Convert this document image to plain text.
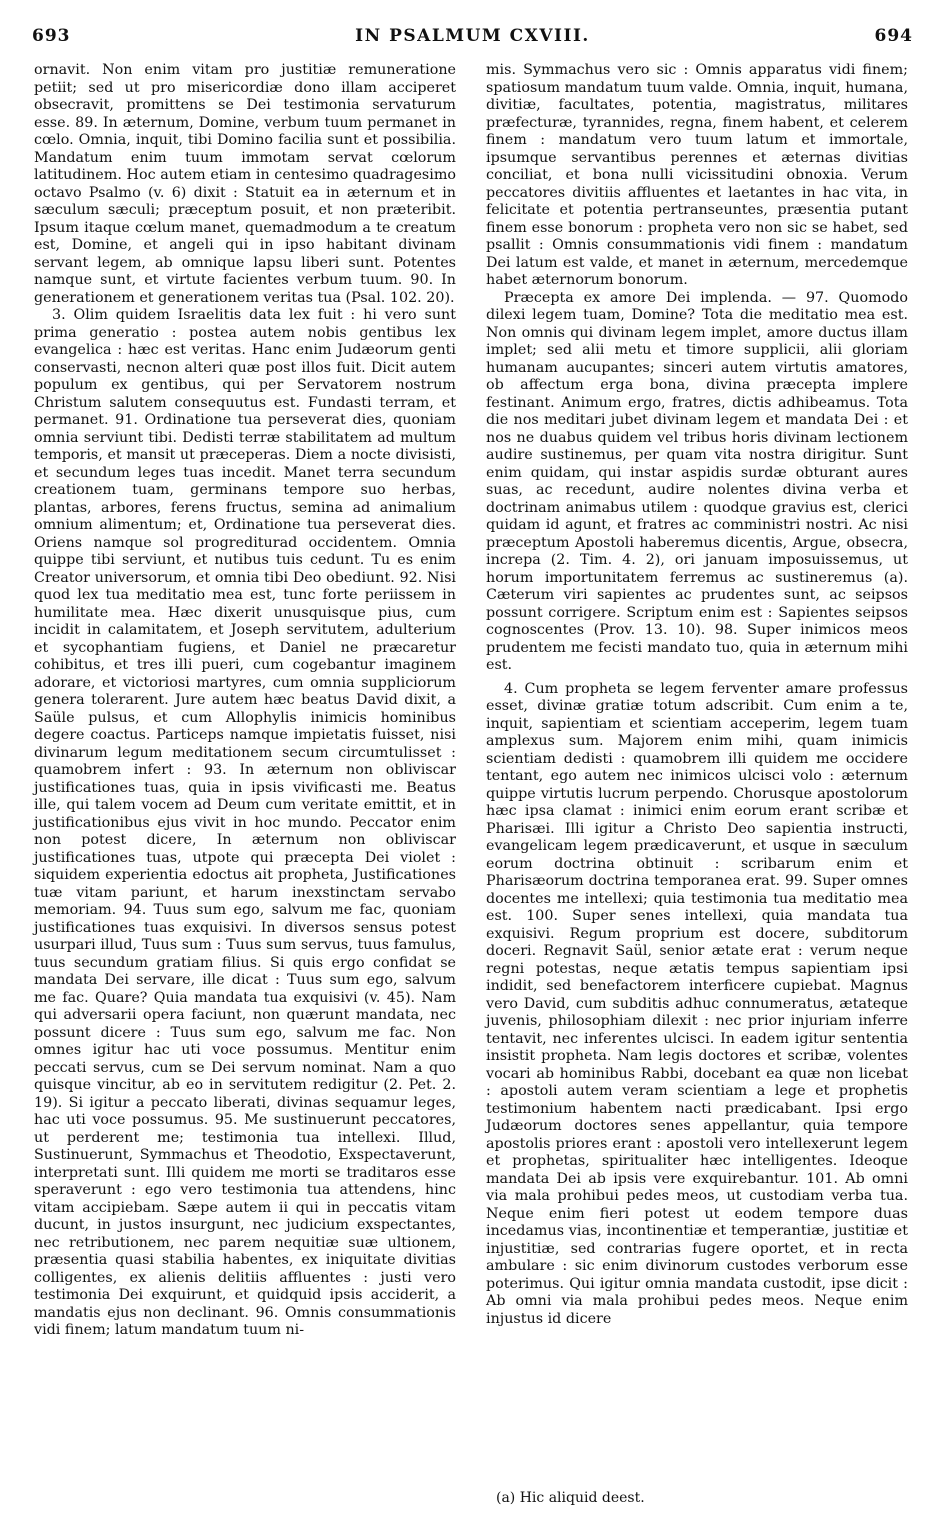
693	IN PSALMUM CXVIII.	694

ornavit. Non enim vitam pro justitiæ remuneratione petiit; sed ut pro misericordiæ dono illam acciperet obsecravit, promittens se Dei testimonia servaturum esse. 89. In æternum, Domine, verbum tuum permanet in cœlo. Omnia, inquit, tibi Domino facilia sunt et possibilia. Mandatum enim tuum immotam servat cœlorum latitudinem. Hoc autem etiam in centesimo quadragesimo octavo Psalmo (v. 6) dixit : Statuit ea in æternum et in sæculum sæculi; præceptum posuit, et non præteribit. Ipsum itaque cœlum manet, quemadmodum a te creatum est, Domine, et angeli qui in ipso habitant divinam servant legem, ab omnique lapsu liberi sunt. Potentes namque sunt, et virtute facientes verbum tuum. 90. In generationem et generationem veritas tua (Psal. 102. 20).

3. Olim quidem Israelitis data lex fuit : hi vero sunt prima generatio : postea autem nobis gentibus lex evangelica : hæc est veritas. Hanc enim Judæorum genti conservasti, necnon alteri quæ post illos fuit. Dicit autem populum ex gentibus, qui per Servatorem nostrum Christum salutem consequutus est. Fundasti terram, et permanet. 91. Ordinatione tua perseverat dies, quoniam omnia serviunt tibi. Dedisti terræ stabilitatem ad multum temporis, et mansit ut præceperas. Diem a nocte divisisti, et secundum leges tuas incedit. Manet terra secundum creationem tuam, germinans tempore suo herbas, plantas, arbores, ferens fructus, semina ad animalium omnium alimentum; et, Ordinatione tua perseverat dies. Oriens namque sol progrediturad occidentem. Omnia quippe tibi serviunt, et nutibus tuis cedunt. Tu es enim Creator universorum, et omnia tibi Deo obediunt. 92. Nisi quod lex tua meditatio mea est, tunc forte periissem in humilitate mea. Hæc dixerit unusquisque pius, cum incidit in calamitatem, et Joseph servitutem, adulterium et sycophantiam fugiens, et Daniel ne præcaretur cohibitus, et tres illi pueri, cum cogebantur imaginem adorare, et victoriosi martyres, cum omnia suppliciorum genera tolerarent. Jure autem hæc beatus David dixit, a Saüle pulsus, et cum Allophylis inimicis hominibus degere coactus. Particeps namque impietatis fuisset, nisi divinarum legum meditationem secum circumtulisset : quamobrem infert : 93. In æternum non obliviscar justificationes tuas, quia in ipsis vivificasti me. Beatus ille, qui talem vocem ad Deum cum veritate emittit, et in justificationibus ejus vivit in hoc mundo. Peccator enim non potest dicere, In æternum non obliviscar justificationes tuas, utpote qui præcepta Dei violet : siquidem experientia edoctus ait propheta, Justificationes tuæ vitam pariunt, et harum inexstinctam servabo memoriam. 94. Tuus sum ego, salvum me fac, quoniam justificationes tuas exquisivi. In diversos sensus potest usurpari illud, Tuus sum : Tuus sum servus, tuus famulus, tuus secundum gratiam filius. Si quis ergo confidat se mandata Dei servare, ille dicat : Tuus sum ego, salvum me fac. Quare? Quia mandata tua exquisivi (v. 45). Nam qui adversarii opera faciunt, non quærunt mandata, nec possunt dicere : Tuus sum ego, salvum me fac. Non omnes igitur hac uti voce possumus. Mentitur enim peccati servus, cum se Dei servum nominat. Nam a quo quisque vincitur, ab eo in servitutem redigitur (2. Pet. 2. 19). Si igitur a peccato liberati, divinas sequamur leges, hac uti voce possumus. 95. Me sustinuerunt peccatores, ut perderent me; testimonia tua intellexi. Illud, Sustinuerunt, Symmachus et Theodotio, Exspectaverunt, interpretati sunt. Illi quidem me morti se traditaros esse speraverunt : ego vero testimonia tua attendens, hinc vitam accipiebam. Sæpe autem ii qui in peccatis vitam ducunt, in justos insurgunt, nec judicium exspectantes, nec retributionem, nec parem nequitiæ suæ ultionem, præsentia quasi stabilia habentes, ex iniquitate divitias colligentes, ex alienis delitiis affluentes : justi vero testimonia Dei exquirunt, et quidquid ipsis acciderit, a mandatis ejus non declinant. 96. Omnis consummationis vidi finem; latum mandatum tuum ni-

mis. Symmachus vero sic : Omnis apparatus vidi finem; spatiosum mandatum tuum valde. Omnia, inquit, humana, divitiæ, facultates, potentia, magistratus, militares præfecturæ, tyrannides, regna, finem habent, et celerem finem : mandatum vero tuum latum et immortale, ipsumque servantibus perennes et æternas divitias conciliat, et bona nulli vicissitudini obnoxia. Verum peccatores divitiis affluentes et laetantes in hac vita, in felicitate et potentia pertranseuntes, præsentia putant finem esse bonorum : propheta vero non sic se habet, sed psallit : Omnis consummationis vidi finem : mandatum Dei latum est valde, et manet in æternum, mercedemque habet æternorum bonorum.

Præcepta ex amore Dei implenda. — 97. Quomodo dilexi legem tuam, Domine? Tota die meditatio mea est. Non omnis qui divinam legem implet, amore ductus illam implet; sed alii metu et timore supplicii, alii gloriam humanam aucupantes; sinceri autem virtutis amatores, ob affectum erga bona, divina præcepta implere festinant. Animum ergo, fratres, dictis adhibeamus. Tota die nos meditari jubet divinam legem et mandata Dei : et nos ne duabus quidem vel tribus horis divinam lectionem audire sustinemus, per quam vita nostra dirigitur. Sunt enim quidam, qui instar aspidis surdæ obturant aures suas, ac recedunt, audire nolentes divina verba et doctrinam animabus utilem : quodque gravius est, clerici quidam id agunt, et fratres ac comministri nostri. Ac nisi præceptum Apostoli haberemus dicentis, Argue, obsecra, increpa (2. Tim. 4. 2), ori januam imposuissemus, ut horum importunitatem ferremus ac sustineremus (a). Cæterum viri sapientes ac prudentes sunt, ac seipsos possunt corrigere. Scriptum enim est : Sapientes seipsos cognoscentes (Prov. 13. 10). 98. Super inimicos meos prudentem me fecisti mandato tuo, quia in æternum mihi est.

4. Cum propheta se legem ferventer amare professus esset, divinæ gratiæ totum adscribit. Cum enim a te, inquit, sapientiam et scientiam acceperim, legem tuam amplexus sum. Majorem enim mihi, quam inimicis scientiam dedisti : quamobrem illi quidem me occidere tentant, ego autem nec inimicos ulcisci volo : æternum quippe virtutis lucrum perpendo. Chorusque apostolorum hæc ipsa clamat : inimici enim eorum erant scribæ et Pharisæi. Illi igitur a Christo Deo sapientia instructi, evangelicam legem prædicaverunt, et usque in sæculum eorum doctrina obtinuit : scribarum enim et Pharisæorum doctrina temporanea erat. 99. Super omnes docentes me intellexi; quia testimonia tua meditatio mea est. 100. Super senes intellexi, quia mandata tua exquisivi. Regum proprium est docere, subditorum doceri. Regnavit Saül, senior ætate erat : verum neque regni potestas, neque ætatis tempus sapientiam ipsi indidit, sed benefactorem interficere cupiebat. Magnus vero David, cum subditis adhuc connumeratus, ætateque juvenis, philosophiam dilexit : nec prior injuriam inferre tentavit, nec inferentes ulcisci. In eadem igitur sententia insistit propheta. Nam legis doctores et scribæ, volentes vocari ab hominibus Rabbi, docebant ea quæ non licebat : apostoli autem veram scientiam a lege et prophetis testimonium habentem nacti prædicabant. Ipsi ergo Judæorum doctores senes appellantur, quia tempore apostolis priores erant : apostoli vero intellexerunt legem et prophetas, spiritualiter hæc intelligentes. Ideoque mandata Dei ab ipsis vere exquirebantur. 101. Ab omni via mala prohibui pedes meos, ut custodiam verba tua. Neque enim fieri potest ut eodem tempore duas incedamus vias, incontinentiæ et temperantiæ, justitiæ et injustitiæ, sed contrarias fugere oportet, et in recta ambulare : sic enim divinorum custodes verborum esse poterimus. Qui igitur omnia mandata custodit, ipse dicit : Ab omni via mala prohibui pedes meos. Neque enim injustus id dicere

(a) Hic aliquid deest.
